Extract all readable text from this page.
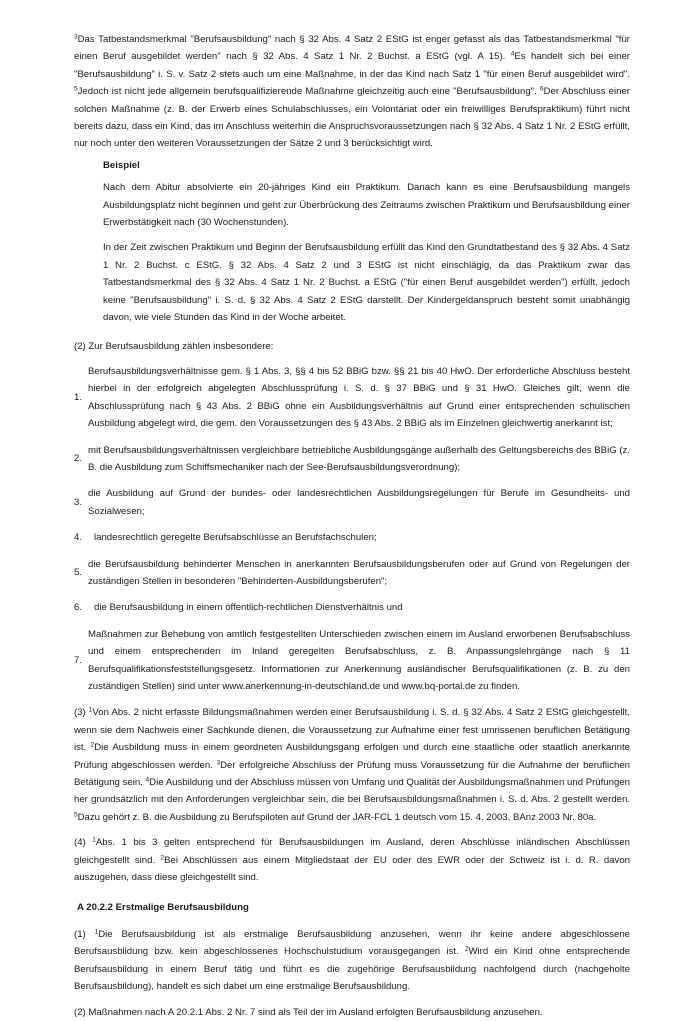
$^3$Das Tatbestandsmerkmal "Berufsausbildung" nach § 32 Abs. 4 Satz 2 EStG ist enger gefasst als das Tatbestandsmerkmal "für einen Beruf ausgebildet werden" nach § 32 Abs. 4 Satz 1 Nr. 2 Buchst. a EStG (vgl. A 15). $^4$Es handelt sich bei einer "Berufsausbildung" i. S. v. Satz 2 stets auch um eine Maßnahme, in der das Kind nach Satz 1 "für einen Beruf ausgebildet wird". $^5$Jedoch ist nicht jede allgemein berufsqualifizierende Maßnahme gleichzeitig auch eine "Berufsausbildung". $^6$Der Abschluss einer solchen Maßnahme (z. B. der Erwerb eines Schulabschlusses, ein Volontariat oder ein freiwilliges Berufspraktikum) führt nicht bereits dazu, dass ein Kind, das im Anschluss weiterhin die Anspruchsvoraussetzungen nach § 32 Abs. 4 Satz 1 Nr. 2 EStG erfüllt, nur noch unter den weiteren Voraussetzungen der Sätze 2 und 3 berücksichtigt wird.

Beispiel

Nach dem Abitur absolvierte ein 20-jähriges Kind ein Praktikum. Danach kann es eine Berufsausbildung mangels Ausbildungsplatz nicht beginnen und geht zur Überbrückung des Zeitraums zwischen Praktikum und Berufsausbildung einer Erwerbstätigkeit nach (30 Wochenstunden).

In der Zeit zwischen Praktikum und Beginn der Berufsausbildung erfüllt das Kind den Grundtatbestand des § 32 Abs. 4 Satz 1 Nr. 2 Buchst. c EStG. § 32 Abs. 4 Satz 2 und 3 EStG ist nicht einschlägig, da das Praktikum zwar das Tatbestandsmerkmal des § 32 Abs. 4 Satz 1 Nr. 2 Buchst. a EStG ("für einen Beruf ausgebildet werden") erfüllt, jedoch keine "Berufsausbildung" i. S. d. § 32 Abs. 4 Satz 2 EStG darstellt. Der Kindergeldanspruch besteht somit unabhängig davon, wie viele Stunden das Kind in der Woche arbeitet.

(2) Zur Berufsausbildung zählen insbesondere:

1.
Berufsausbildungsverhältnisse gem. § 1 Abs. 3, §§ 4 bis 52 BBiG bzw. §§ 21 bis 40 HwO. Der erforderliche Abschluss besteht hierbei in der erfolgreich abgelegten Abschlussprüfung i. S. d. § 37 BBiG und § 31 HwO. Gleiches gilt, wenn die Abschlussprüfung nach § 43 Abs. 2 BBiG ohne ein Ausbildungsverhältnis auf Grund einer entsprechenden schulischen Ausbildung abgelegt wird, die gem. den Voraussetzungen des § 43 Abs. 2 BBiG als im Einzelnen gleichwertig anerkannt ist;
2.
mit Berufsausbildungsverhältnissen vergleichbare betriebliche Ausbildungsgänge außerhalb des Geltungsbereichs des BBiG (z. B. die Ausbildung zum Schiffsmechaniker nach der See-Berufsausbildungsverordnung);
3.
die Ausbildung auf Grund der bundes- oder landesrechtlichen Ausbildungsregelungen für Berufe im Gesundheits- und Sozialwesen;
4.	landesrechtlich geregelte Berufsabschlüsse an Berufsfachschulen;
5.
die Berufsausbildung behinderter Menschen in anerkannten Berufsausbildungsberufen oder auf Grund von Regelungen der zuständigen Stellen in besonderen "Behinderten-Ausbildungsberufen";
6.	die Berufsausbildung in einem öffentlich-rechtlichen Dienstverhältnis und
7.
Maßnahmen zur Behebung von amtlich festgestellten Unterschieden zwischen einem im Ausland erworbenen Berufsabschluss und einem entsprechenden im Inland geregelten Berufsabschluss, z. B. Anpassungslehrgänge nach § 11 Berufsqualifikationsfeststellungsgesetz. Informationen zur Anerkennung ausländischer Berufsqualifikationen (z. B. zu den zuständigen Stellen) sind unter www.anerkennung-in-deutschland.de und www.bq-portal.de zu finden.

(3) $^1$Von Abs. 2 nicht erfasste Bildungsmaßnahmen werden einer Berufsausbildung i. S. d. § 32 Abs. 4 Satz 2 EStG gleichgestellt, wenn sie dem Nachweis einer Sachkunde dienen, die Voraussetzung zur Aufnahme einer fest umrissenen beruflichen Betätigung ist. $^2$Die Ausbildung muss in einem geordneten Ausbildungsgang erfolgen und durch eine staatliche oder staatlich anerkannte Prüfung abgeschlossen werden. $^3$Der erfolgreiche Abschluss der Prüfung muss Voraussetzung für die Aufnahme der beruflichen Betätigung sein. $^4$Die Ausbildung und der Abschluss müssen von Umfang und Qualität der Ausbildungsmaßnahmen und Prüfungen her grundsätzlich mit den Anforderungen vergleichbar sein, die bei Berufsausbildungsmaßnahmen i. S. d. Abs. 2 gestellt werden. $^5$Dazu gehört z. B. die Ausbildung zu Berufspiloten auf Grund der JAR-FCL 1 deutsch vom 15. 4. 2003, BAnz 2003 Nr. 80a.

(4) $^1$Abs. 1 bis 3 gelten entsprechend für Berufsausbildungen im Ausland, deren Abschlüsse inländischen Abschlüssen gleichgestellt sind. $^2$Bei Abschlüssen aus einem Mitgliedstaat der EU oder des EWR oder der Schweiz ist i. d. R. davon auszugehen, dass diese gleichgestellt sind.

A 20.2.2 Erstmalige Berufsausbildung

(1) $^1$Die Berufsausbildung ist als erstmalige Berufsausbildung anzusehen, wenn ihr keine andere abgeschlossene Berufsausbildung bzw. kein abgeschlossenes Hochschulstudium vorausgegangen ist. $^2$Wird ein Kind ohne entsprechende Berufsausbildung in einem Beruf tätig und führt es die zugehörige Berufsausbildung nachfolgend durch (nachgeholte Berufsausbildung), handelt es sich dabei um eine erstmalige Berufsausbildung.

(2) Maßnahmen nach A 20.2.1 Abs. 2 Nr. 7 sind als Teil der im Ausland erfolgten Berufsausbildung anzusehen.
